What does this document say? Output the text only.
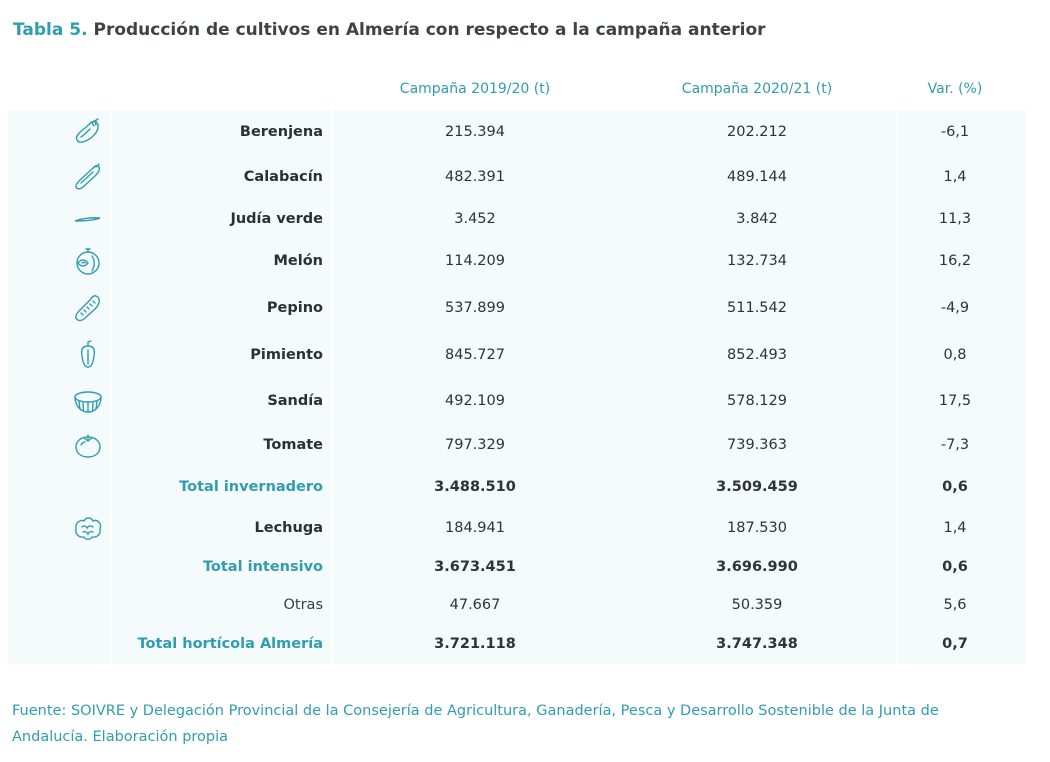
Tabla 5. Producción de cultivos en Almería con respecto a la campaña anterior
Campaña 2019/20 (t)	Campaña 2020/21 (t)	Var. (%)
Berenjena	215.394	202.212	-6,1
Calabacín	482.391	489.144	1,4
Judía verde	3.452	3.842	11,3
Melón	114.209	132.734	16,2
Pepino	537.899	511.542	-4,9
Pimiento	845.727	852.493	0,8
Sandía	492.109	578.129	17,5
Tomate	797.329	739.363	-7,3
Total invernadero	3.488.510	3.509.459	0,6
Lechuga	184.941	187.530	1,4
Total intensivo	3.673.451	3.696.990	0,6
Otras	47.667	50.359	5,6
Total hortícola Almería	3.721.118	3.747.348	0,7
Fuente: SOIVRE y Delegación Provincial de la Consejería de Agricultura, Ganadería, Pesca y Desarrollo Sostenible de la Junta de Andalucía. Elaboración propia
